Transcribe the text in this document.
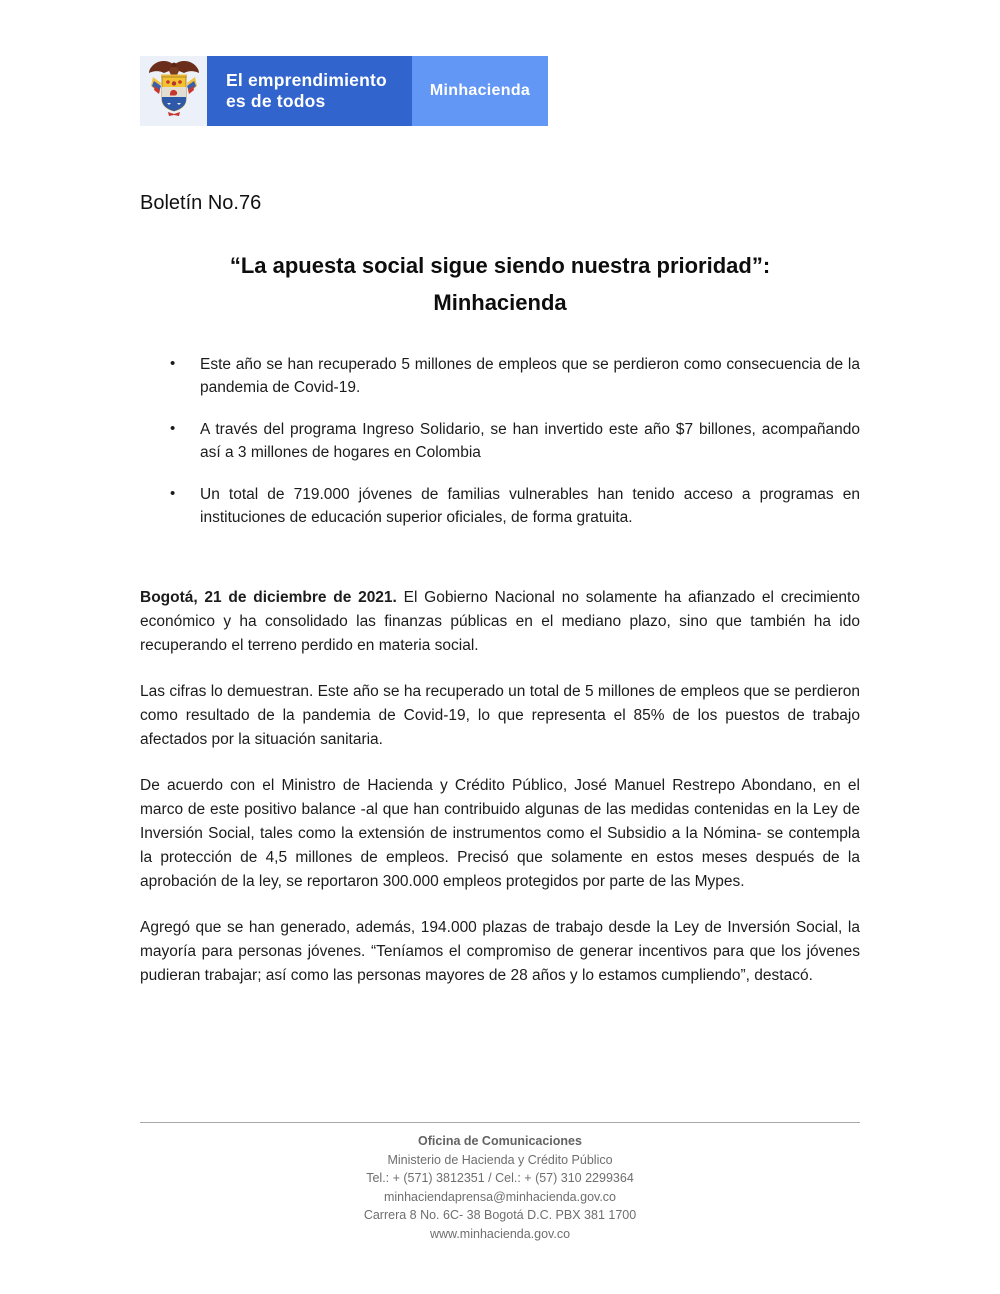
El emprendimiento
es de todos
Minhacienda
Boletín No.76
“La apuesta social sigue siendo nuestra prioridad”:
Minhacienda
• Este año se han recuperado 5 millones de empleos que se perdieron como consecuencia de la pandemia de Covid-19.
• A través del programa Ingreso Solidario, se han invertido este año $7 billones, acompañando así a 3 millones de hogares en Colombia
• Un total de 719.000 jóvenes de familias vulnerables han tenido acceso a programas en instituciones de educación superior oficiales, de forma gratuita.

Bogotá, 21 de diciembre de 2021. El Gobierno Nacional no solamente ha afianzado el crecimiento económico y ha consolidado las finanzas públicas en el mediano plazo, sino que también ha ido recuperando el terreno perdido en materia social.

Las cifras lo demuestran. Este año se ha recuperado un total de 5 millones de empleos que se perdieron como resultado de la pandemia de Covid-19, lo que representa el 85% de los puestos de trabajo afectados por la situación sanitaria.

De acuerdo con el Ministro de Hacienda y Crédito Público, José Manuel Restrepo Abondano, en el marco de este positivo balance -al que han contribuido algunas de las medidas contenidas en la Ley de Inversión Social, tales como la extensión de instrumentos como el Subsidio a la Nómina- se contempla la protección de 4,5 millones de empleos. Precisó que solamente en estos meses después de la aprobación de la ley, se reportaron 300.000 empleos protegidos por parte de las Mypes.

Agregó que se han generado, además, 194.000 plazas de trabajo desde la Ley de Inversión Social, la mayoría para personas jóvenes. “Teníamos el compromiso de generar incentivos para que los jóvenes pudieran trabajar; así como las personas mayores de 28 años y lo estamos cumpliendo”, destacó.

Oficina de Comunicaciones
Ministerio de Hacienda y Crédito Público
Tel.: + (571) 3812351 / Cel.: + (57) 310 2299364
minhaciendaprensa@minhacienda.gov.co
Carrera 8 No. 6C- 38 Bogotá D.C. PBX 381 1700
www.minhacienda.gov.co
